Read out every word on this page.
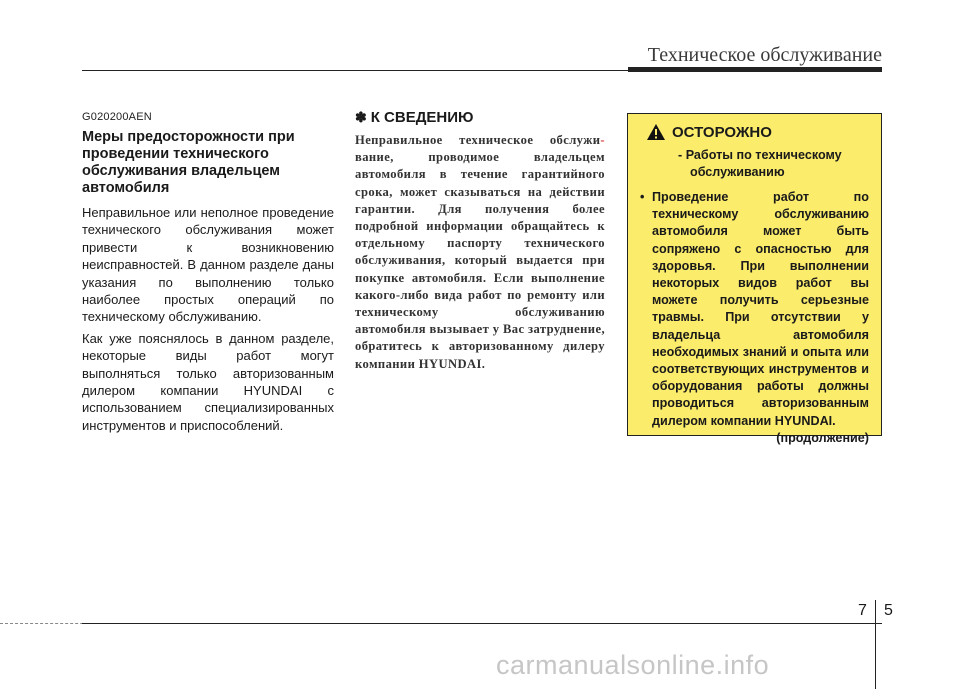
Техническое обслуживание
G020200AEN
Меры предосторожности при проведении технического обслуживания владельцем автомобиля

Неправильное или неполное проведение технического обслуживания может привести к возникновению неисправностей. В данном разделе даны указания по выполнению только наиболее простых операций по техническому обслуживанию.

Как уже пояснялось в данном разделе, некоторые виды работ могут выполняться только авторизованным дилером компании HYUNDAI с использованием специализированных инструментов и приспособлений.

✽ К СВЕДЕНИЮ

Неправильное техническое обслужи-вание, проводимое владельцем автомобиля в течение гарантийного срока, может сказываться на действии гарантии. Для получения более подробной информации обращайтесь к отдельному паспорту технического обслуживания, который выдается при покупке автомобиля. Если выполнение какого-либо вида работ по ремонту или техническому обслуживанию автомобиля вызывает у Вас затруднение, обратитесь к авторизованному дилеру компании HYUNDAI.

ОСТОРОЖНО
- Работы по техническому
обслуживанию
• Проведение работ по техническому обслуживанию автомобиля может быть сопряжено с опасностью для здоровья. При выполнении некоторых видов работ вы можете получить серьезные травмы. При отсутствии у владельца автомобиля необходимых знаний и опыта или соответствующих инструментов и оборудования работы должны проводиться авторизованным дилером компании HYUNDAI.
(продолжение)
7 5
carmanualsonline.info
